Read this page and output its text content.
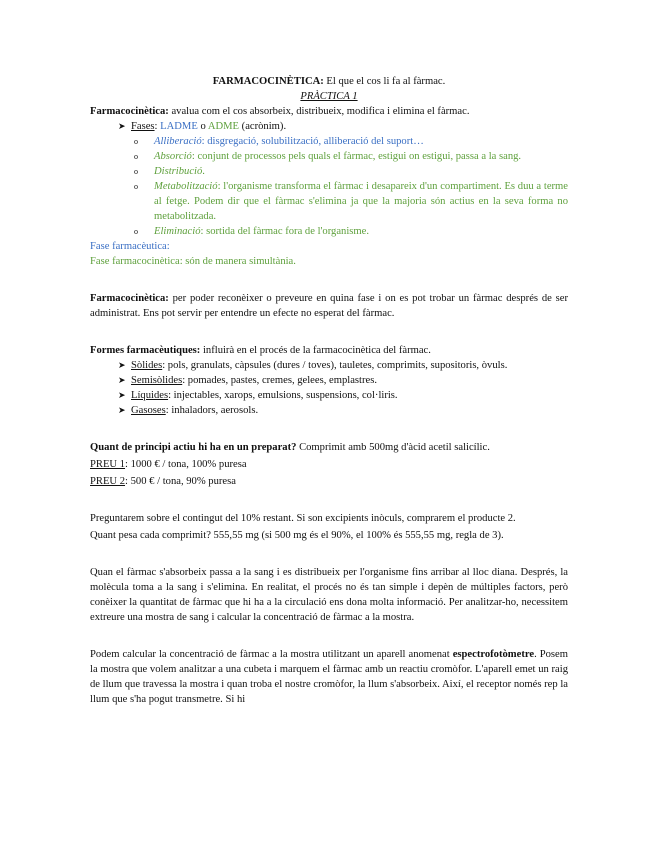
FARMACOCINÈTICA: El que el cos li fa al fàrmac.

PRÀCTICA 1

Farmacocinètica: avalua com el cos absorbeix, distribueix, modifica i elimina el fàrmac.

➤ Fases: LADME o ADME (acrònim).
o Alliberació: disgregació, solubilització, alliberació del suport…
o Absorció: conjunt de processos pels quals el fàrmac, estigui on estigui, passa a la sang.
o Distribució.
o Metabolització: l'organisme transforma el fàrmac i desapareix d'un compartiment. Es duu a terme al fetge. Podem dir que el fàrmac s'elimina ja que la majoria són actius en la seva forma no metabolitzada.
o Eliminació: sortida del fàrmac fora de l'organisme.

Fase farmacèutica:

Fase farmacocinètica: són de manera simultània.

Farmacocinètica: per poder reconèixer o preveure en quina fase i on es pot trobar un fàrmac després de ser administrat. Ens pot servir per entendre un efecte no esperat del fàrmac.

Formes farmacèutiques: influirà en el procés de la farmacocinètica del fàrmac.

➤ Sòlides: pols, granulats, càpsules (dures / toves), tauletes, comprimits, supositoris, òvuls.
➤ Semisòlides: pomades, pastes, cremes, gelees, emplastres.
➤ Líquides: injectables, xarops, emulsions, suspensions, col·liris.
➤ Gasoses: inhaladors, aerosols.

Quant de principi actiu hi ha en un preparat? Comprimit amb 500mg d'àcid acetil salicílic.

PREU 1: 1000 € / tona, 100% puresa

PREU 2: 500 € / tona, 90% puresa

Preguntarem sobre el contingut del 10% restant. Si son excipients inòculs, comprarem el producte 2.

Quant pesa cada comprimit? 555,55 mg (si 500 mg és el 90%, el 100% és 555,55 mg, regla de 3).

Quan el fàrmac s'absorbeix passa a la sang i es distribueix per l'organisme fins arribar al lloc diana. Després, la molècula toma a la sang i s'elimina. En realitat, el procés no és tan simple i depèn de múltiples factors, però conèixer la quantitat de fàrmac que hi ha a la circulació ens dona molta informació. Per analitzar-ho, necessitem extreure una mostra de sang i calcular la concentració de fàrmac a la mostra.

Podem calcular la concentració de fàrmac a la mostra utilitzant un aparell anomenat espectrofotòmetre. Posem la mostra que volem analitzar a una cubeta i marquem el fàrmac amb un reactiu cromòfor. L'aparell emet un raig de llum que travessa la mostra i quan troba el nostre cromòfor, la llum s'absorbeix. Així, el receptor només rep la llum que s'ha pogut transmetre. Si hi
